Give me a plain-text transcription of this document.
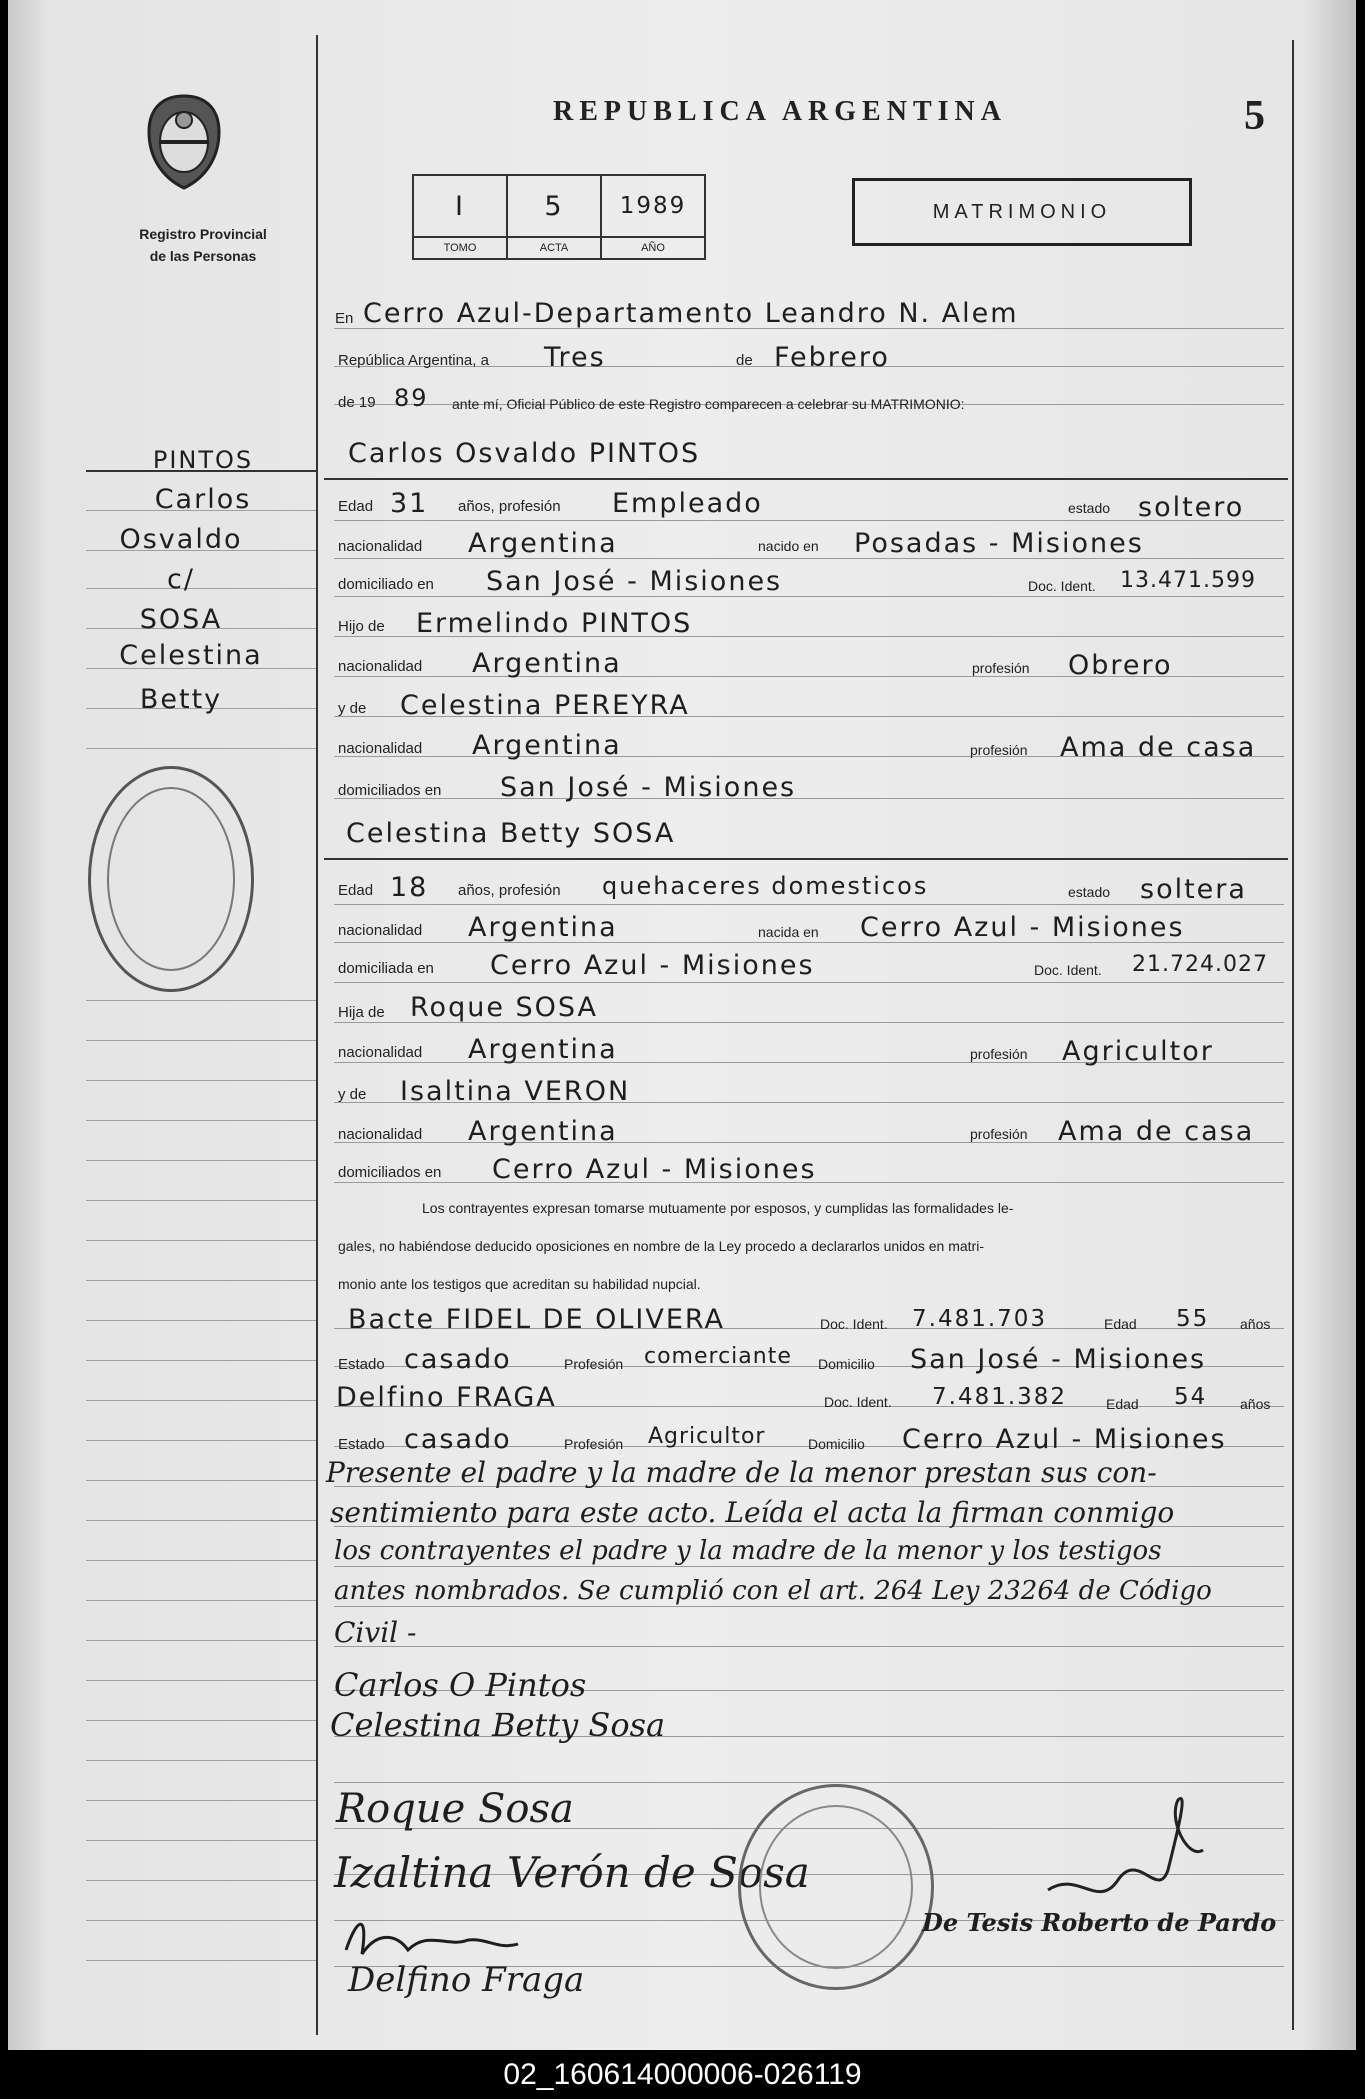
Registro Provincial
de las Personas
REPUBLICA ARGENTINA	5
I	5	1989
TOMO	ACTA	AÑO
MATRIMONIO
PINTOS
Carlos
Osvaldo
c/
SOSA
Celestina
Betty
En Cerro Azul-Departamento Leandro N. Alem
República Argentina, a Tres	de Febrero
de 19 89 ante mí, Oficial Público de este Registro comparecen a celebrar su MATRIMONIO:
Carlos Osvaldo PINTOS
Edad 31 años, profesión Empleado	estado soltero
nacionalidad Argentina	nacido en Posadas - Misiones
domiciliado en San José - Misiones	Doc. Ident. 13.471.599
Hijo de Ermelindo PINTOS
nacionalidad Argentina	profesión Obrero
y de Celestina PEREYRA
nacionalidad Argentina	profesión Ama de casa
domiciliados en San José - Misiones
Celestina Betty SOSA
Edad 18 años, profesión quehaceres domesticos	estado soltera
nacionalidad Argentina	nacida en Cerro Azul - Misiones
domiciliada en Cerro Azul - Misiones	Doc. Ident. 21.724.027
Hija de Roque SOSA
nacionalidad Argentina	profesión Agricultor
y de Isaltina VERON
nacionalidad Argentina	profesión Ama de casa
domiciliados en Cerro Azul - Misiones
Los contrayentes expresan tomarse mutuamente por esposos, y cumplidas las formalidades le-
gales, no habiéndose deducido oposiciones en nombre de la Ley procedo a declararlos unidos en matri-
monio ante los testigos que acreditan su habilidad nupcial.
Bacte FIDEL DE OLIVERA	Doc. Ident. 7.481.703	Edad 55 años
Estado casado	Profesión comerciante Domicilio San José - Misiones
Delfino FRAGA	Doc. Ident. 7.481.382	Edad 54 años
Estado casado	Profesión Agricultor	Domicilio Cerro Azul - Misiones
Presente el padre y la madre de la menor prestan sus con-
sentimiento para este acto. Leída el acta la firman conmigo
los contrayentes el padre y la madre de la menor y los testigos
antes nombrados. Se cumplió con el art. 264 Ley 23264 de Código
Civil -
Carlos O Pintos
Celestina Betty Sosa
Roque Sosa
Izaltina Verón de Sosa
Delfino Fraga
De Tesis Roberto de Pardo
02_160614000006-026119
